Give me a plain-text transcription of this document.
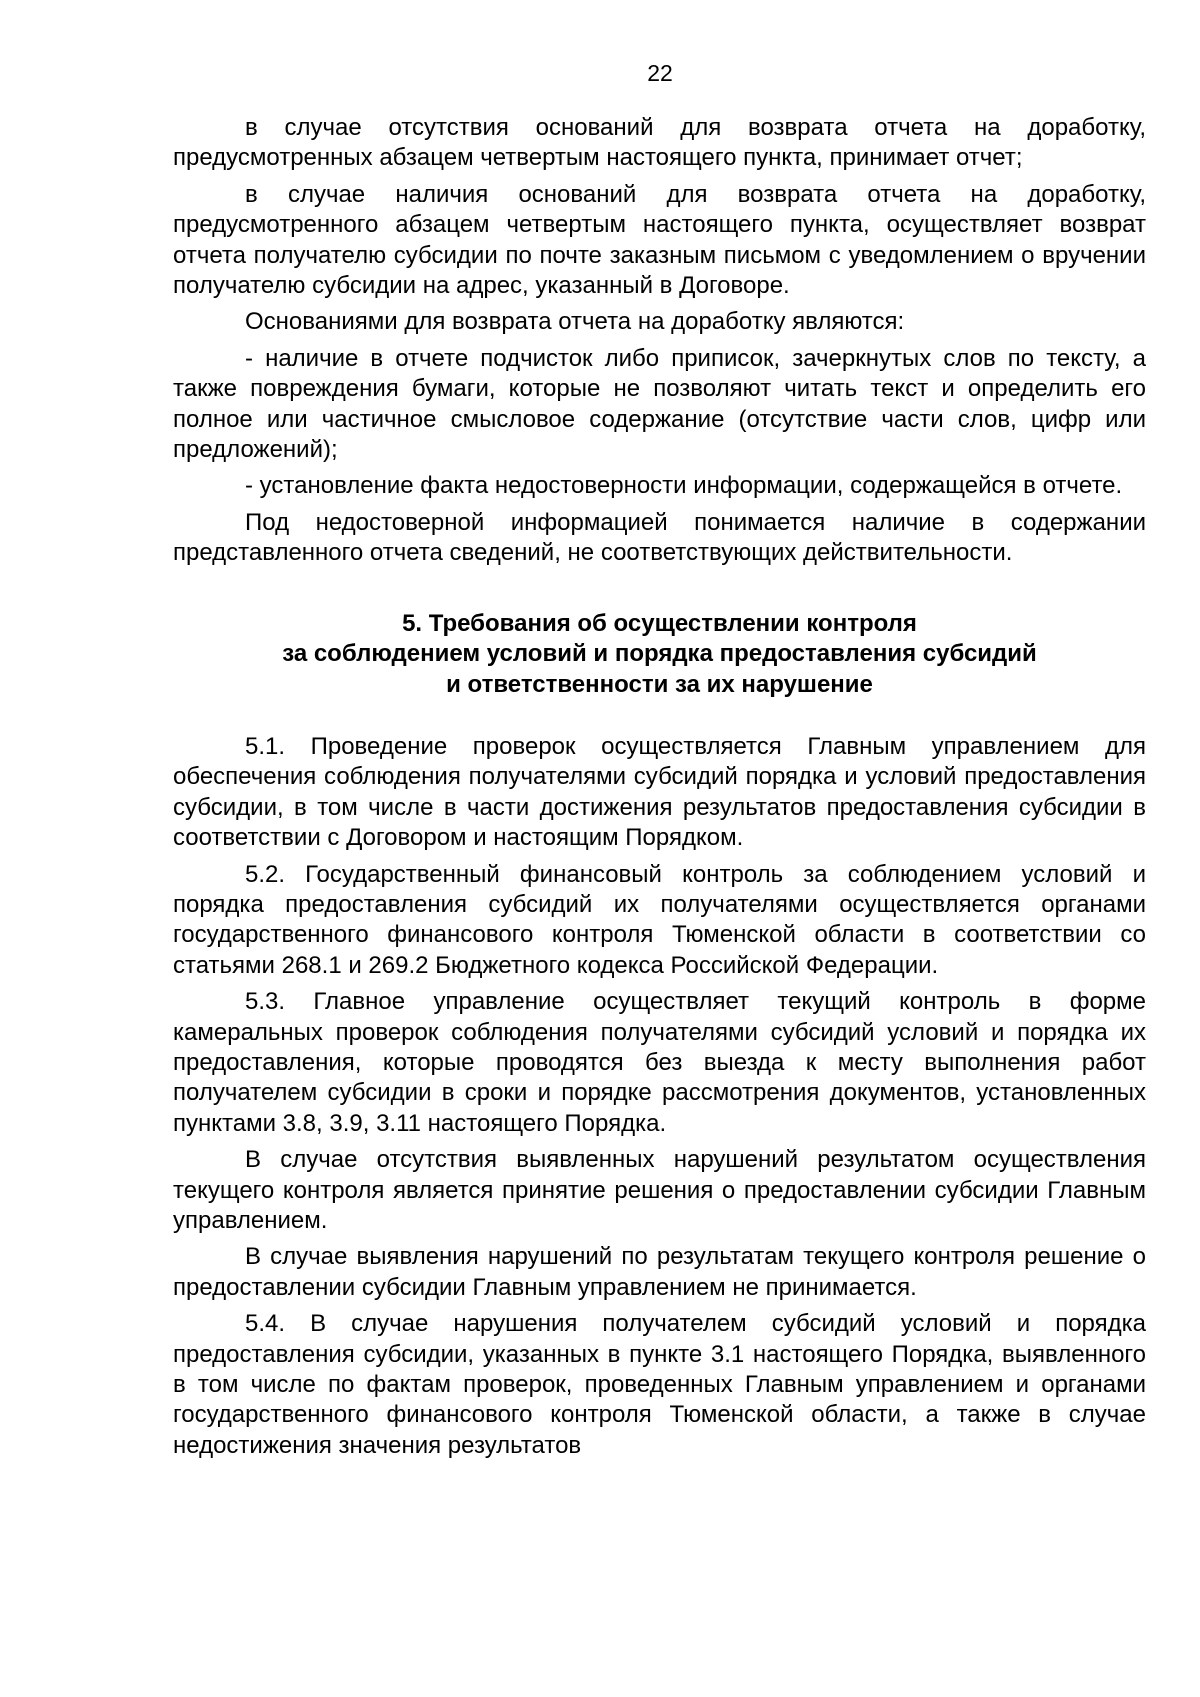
22

в случае отсутствия оснований для возврата отчета на доработку, предусмотренных абзацем четвертым настоящего пункта, принимает отчет;

в случае наличия оснований для возврата отчета на доработку, предусмотренного абзацем четвертым настоящего пункта, осуществляет возврат отчета получателю субсидии по почте заказным письмом с уведомлением о вручении получателю субсидии на адрес, указанный в Договоре.

Основаниями для возврата отчета на доработку являются:

- наличие в отчете подчисток либо приписок, зачеркнутых слов по тексту, а также повреждения бумаги, которые не позволяют читать текст и определить его полное или частичное смысловое содержание (отсутствие части слов, цифр или предложений);

- установление факта недостоверности информации, содержащейся в отчете.

Под недостоверной информацией понимается наличие в содержании представленного отчета сведений, не соответствующих действительности.

5. Требования об осуществлении контроля
за соблюдением условий и порядка предоставления субсидий
и ответственности за их нарушение

5.1. Проведение проверок осуществляется Главным управлением для обеспечения соблюдения получателями субсидий порядка и условий предоставления субсидии, в том числе в части достижения результатов предоставления субсидии в соответствии с Договором и настоящим Порядком.

5.2. Государственный финансовый контроль за соблюдением условий и порядка предоставления субсидий их получателями осуществляется органами государственного финансового контроля Тюменской области в соответствии со статьями 268.1 и 269.2 Бюджетного кодекса Российской Федерации.

5.3. Главное управление осуществляет текущий контроль в форме камеральных проверок соблюдения получателями субсидий условий и порядка их предоставления, которые проводятся без выезда к месту выполнения работ получателем субсидии в сроки и порядке рассмотрения документов, установленных пунктами 3.8, 3.9, 3.11 настоящего Порядка.

В случае отсутствия выявленных нарушений результатом осуществления текущего контроля является принятие решения о предоставлении субсидии Главным управлением.

В случае выявления нарушений по результатам текущего контроля решение о предоставлении субсидии Главным управлением не принимается.

5.4. В случае нарушения получателем субсидий условий и порядка предоставления субсидии, указанных в пункте 3.1 настоящего Порядка, выявленного в том числе по фактам проверок, проведенных Главным управлением и органами государственного финансового контроля Тюменской области, а также в случае недостижения значения результатов
